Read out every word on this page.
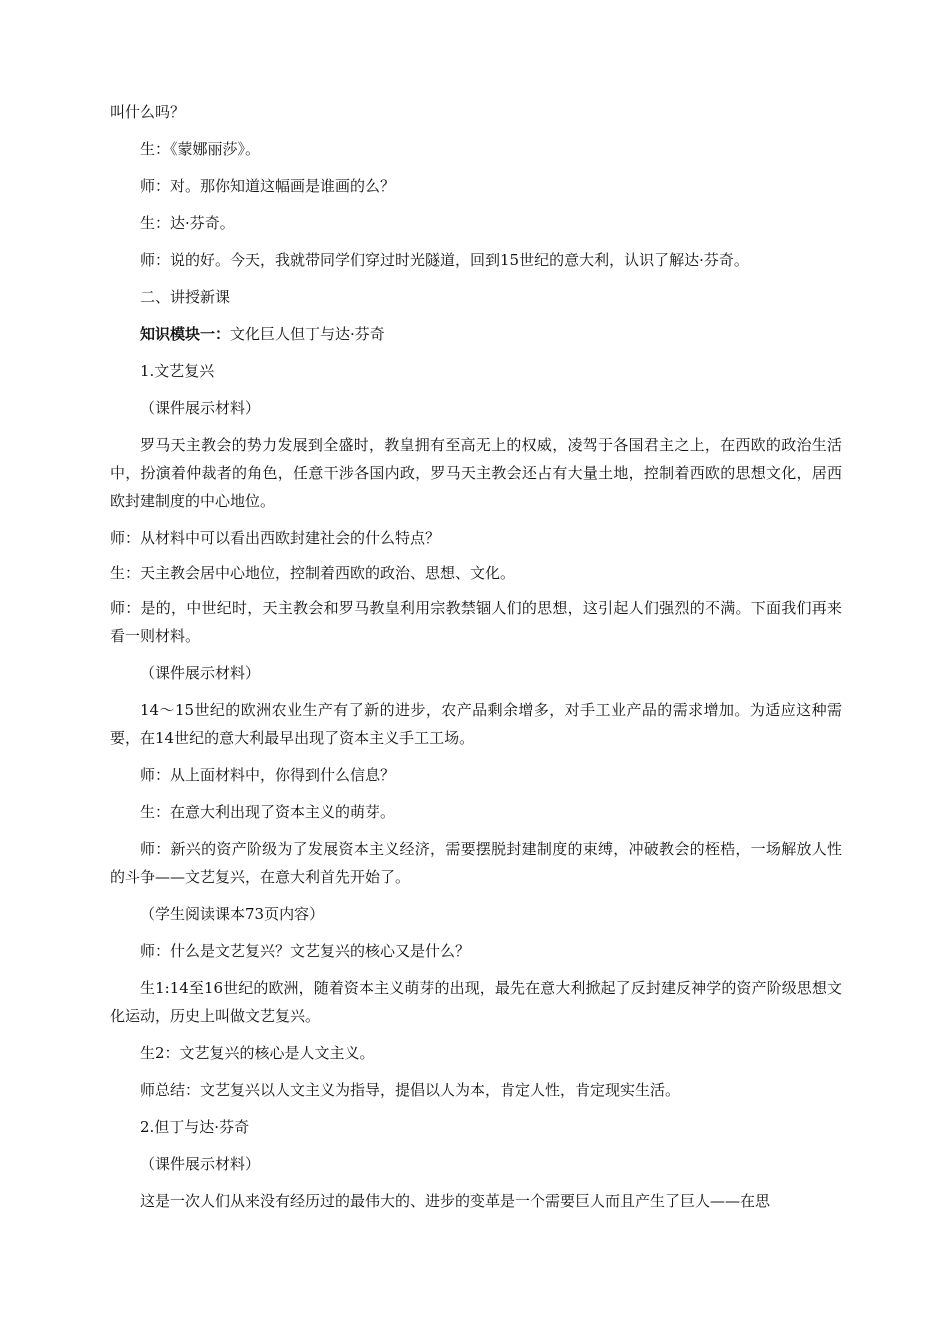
叫什么吗？

生：《蒙娜丽莎》。

师：对。那你知道这幅画是谁画的么？

生：达·芬奇。

师：说的好。今天，我就带同学们穿过时光隧道，回到15世纪的意大利，认识了解达·芬奇。

二、讲授新课

知识模块一：文化巨人但丁与达·芬奇

1.文艺复兴

（课件展示材料）

罗马天主教会的势力发展到全盛时，教皇拥有至高无上的权威，凌驾于各国君主之上，在西欧的政治生活中，扮演着仲裁者的角色，任意干涉各国内政，罗马天主教会还占有大量土地，控制着西欧的思想文化，居西欧封建制度的中心地位。

师：从材料中可以看出西欧封建社会的什么特点？

生：天主教会居中心地位，控制着西欧的政治、思想、文化。

师：是的，中世纪时，天主教会和罗马教皇利用宗教禁锢人们的思想，这引起人们强烈的不满。下面我们再来看一则材料。

（课件展示材料）

14～15世纪的欧洲农业生产有了新的进步，农产品剩余增多，对手工业产品的需求增加。为适应这种需要，在14世纪的意大利最早出现了资本主义手工工场。

师：从上面材料中，你得到什么信息？

生：在意大利出现了资本主义的萌芽。

师：新兴的资产阶级为了发展资本主义经济，需要摆脱封建制度的束缚，冲破教会的桎梏，一场解放人性的斗争——文艺复兴，在意大利首先开始了。

（学生阅读课本73页内容）

师：什么是文艺复兴？文艺复兴的核心又是什么？

生1:14至16世纪的欧洲，随着资本主义萌芽的出现，最先在意大利掀起了反封建反神学的资产阶级思想文化运动，历史上叫做文艺复兴。

生2：文艺复兴的核心是人文主义。

师总结：文艺复兴以人文主义为指导，提倡以人为本，肯定人性，肯定现实生活。

2.但丁与达·芬奇

（课件展示材料）

这是一次人们从来没有经历过的最伟大的、进步的变革是一个需要巨人而且产生了巨人——在思
